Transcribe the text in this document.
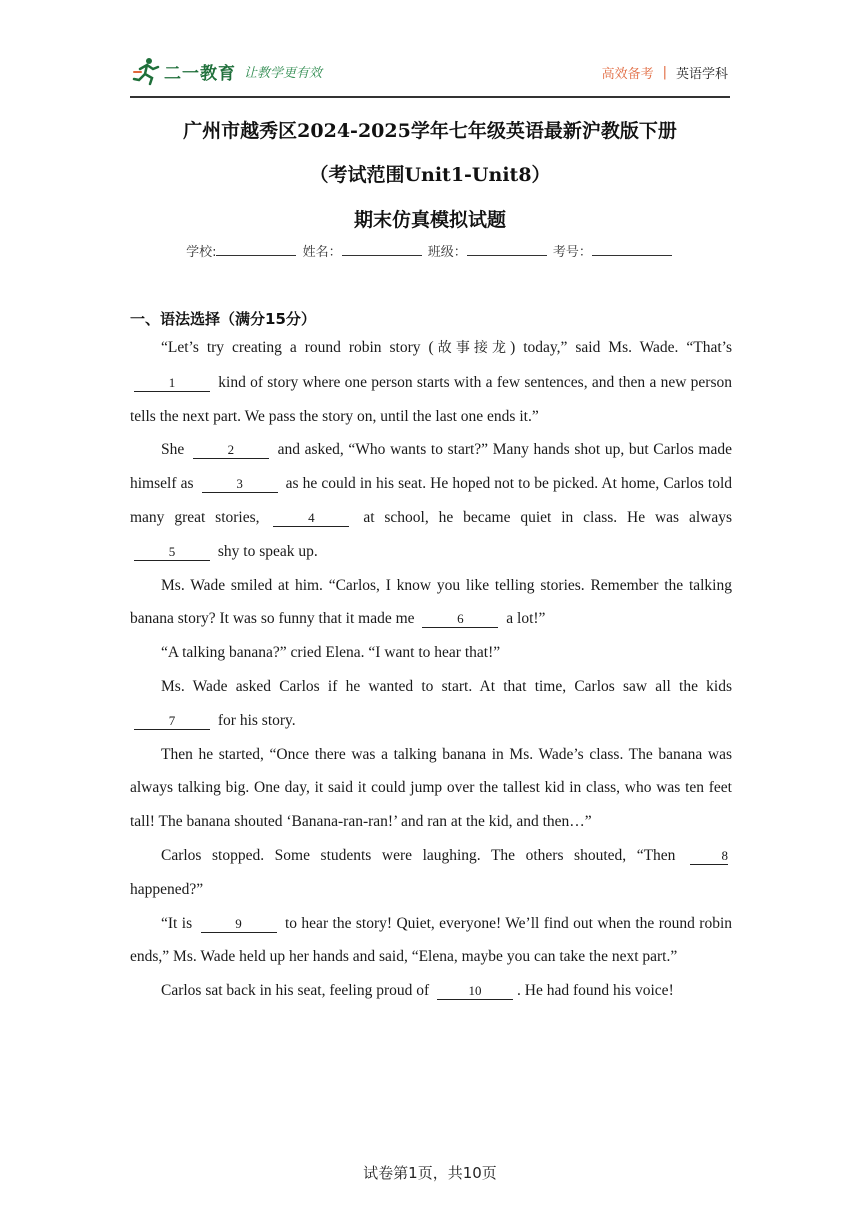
二一教育 让教学更有效	高效备考 | 英语学科
广州市越秀区2024-2025学年七年级英语最新沪教版下册
（考试范围Unit1-Unit8）
期末仿真模拟试题
学校:	姓名：	班级：	考号：
一、语法选择（满分15分）

“Let’s try creating a round robin story (故事接龙) today,” said Ms. Wade. “That’s 1	kind of story where one person starts with a few sentences, and then a new person tells the next part. We pass the story on, until the last one ends it.”

She	2	and asked, “Who wants to start?” Many hands shot up, but Carlos made himself as	3	as he could in his seat. He hoped not to be picked. At home, Carlos told many great stories,	4	at school, he became quiet in class. He was always 5	shy to speak up.

Ms. Wade smiled at him. “Carlos, I know you like telling stories. Remember the talking banana story? It was so funny that it made me	6	a lot!”

“A talking banana?” cried Elena. “I want to hear that!”

Ms. Wade asked Carlos if he wanted to start. At that time, Carlos saw all the kids 7	for his story.

Then he started, “Once there was a talking banana in Ms. Wade’s class. The banana was always talking big. One day, it said it could jump over the tallest kid in class, who was ten feet tall! The banana shouted ‘Banana-ran-ran!’ and ran at the kid, and then…”

Carlos stopped. Some students were laughing. The others shouted, “Then	8 happened?”

“It is	9	to hear the story! Quiet, everyone! We’ll find out when the round robin ends,” Ms. Wade held up her hands and said, “Elena, maybe you can take the next part.”

Carlos sat back in his seat, feeling proud of	10 . He had found his voice!

试卷第1页，共10页
